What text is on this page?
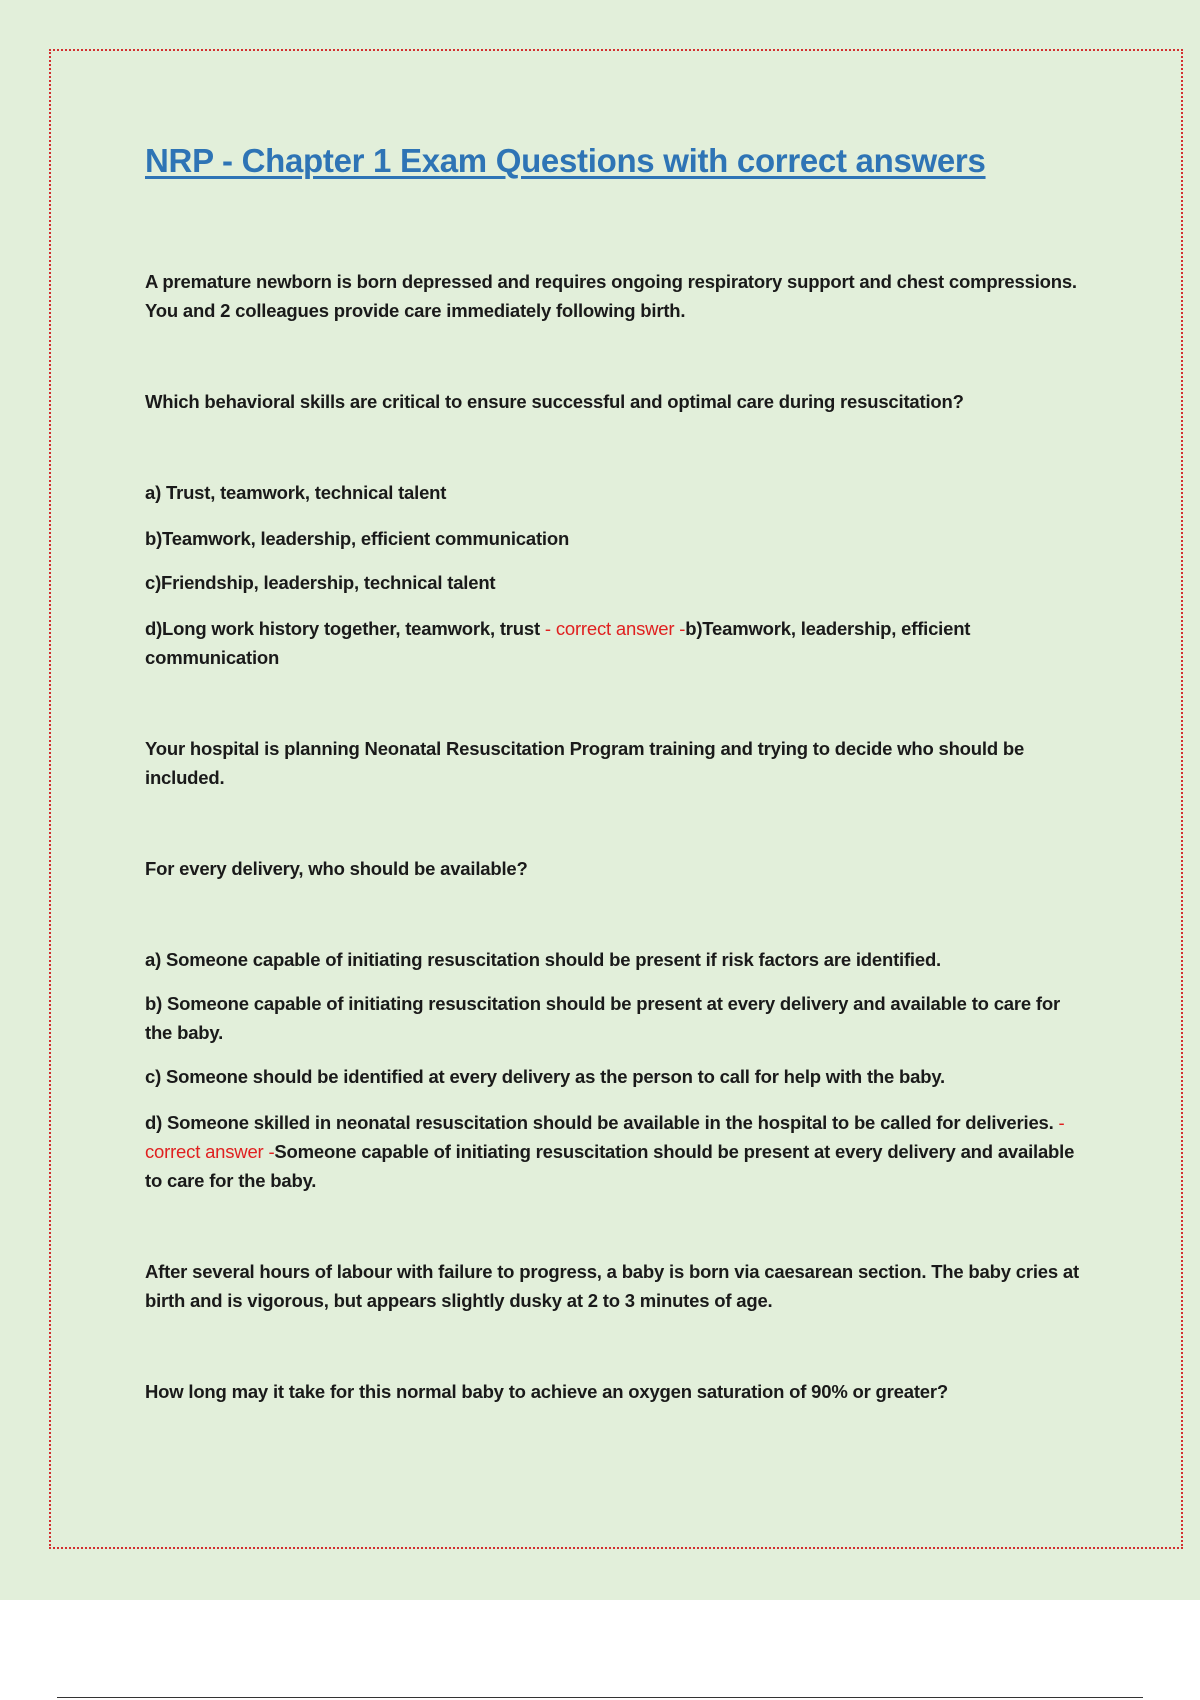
NRP - Chapter 1 Exam Questions with correct answers

A premature newborn is born depressed and requires ongoing respiratory support and chest compressions. You and 2 colleagues provide care immediately following birth.

Which behavioral skills are critical to ensure successful and optimal care during resuscitation?

a) Trust, teamwork, technical talent

b)Teamwork, leadership, efficient communication

c)Friendship, leadership, technical talent

d)Long work history together, teamwork, trust - correct answer -b)Teamwork, leadership, efficient communication

Your hospital is planning Neonatal Resuscitation Program training and trying to decide who should be included.

For every delivery, who should be available?

a) Someone capable of initiating resuscitation should be present if risk factors are identified.

b) Someone capable of initiating resuscitation should be present at every delivery and available to care for the baby.

c) Someone should be identified at every delivery as the person to call for help with the baby.

d) Someone skilled in neonatal resuscitation should be available in the hospital to be called for deliveries. - correct answer -Someone capable of initiating resuscitation should be present at every delivery and available to care for the baby.

After several hours of labour with failure to progress, a baby is born via caesarean section. The baby cries at birth and is vigorous, but appears slightly dusky at 2 to 3 minutes of age.

How long may it take for this normal baby to achieve an oxygen saturation of 90% or greater?
